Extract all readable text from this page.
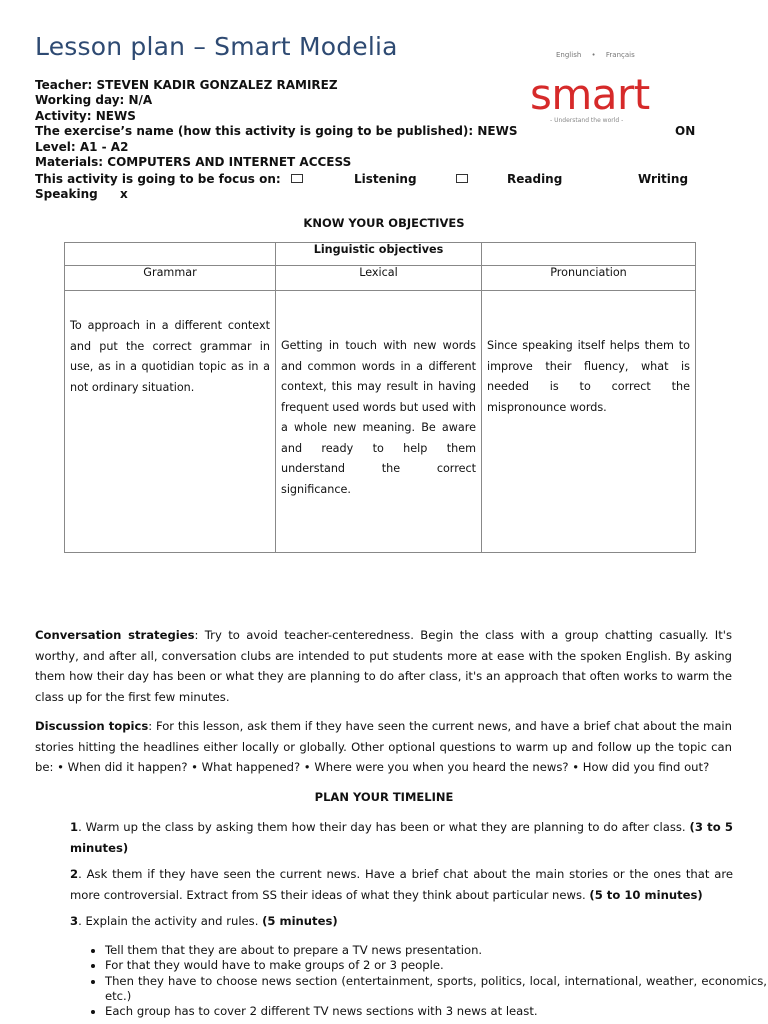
Lesson plan – Smart Modelia	English • Français
smart
- Understand the world -
Teacher: STEVEN KADIR GONZALEZ RAMIREZ
Working day: N/A
Activity: NEWS
The exercise’s name (how this activity is going to be published): NEWS
Level: A1 - A2
Materials: COMPUTERS AND INTERNET ACCESS
ON
This activity is going to be focus on:	Listening	Reading	Writing
Speaking x
KNOW YOUR OBJECTIVES
	Linguistic objectives	
Grammar	Lexical	Pronunciation
To approach in a different context and put the correct grammar in use, as in a quotidian topic as in a not ordinary situation.	Getting in touch with new words and common words in a different context, this may result in having frequent used words but used with a whole new meaning. Be aware and ready to help them understand the correct significance.	Since speaking itself helps them to improve their fluency, what is needed is to correct the mispronounce words.
Conversation strategies: Try to avoid teacher-centeredness. Begin the class with a group chatting casually. It's worthy, and after all, conversation clubs are intended to put students more at ease with the spoken English. By asking them how their day has been or what they are planning to do after class, it's an approach that often works to warm the class up for the first few minutes.
Discussion topics: For this lesson, ask them if they have seen the current news, and have a brief chat about the main stories hitting the headlines either locally or globally. Other optional questions to warm up and follow up the topic can be: • When did it happen? • What happened? • Where were you when you heard the news? • How did you find out?
PLAN YOUR TIMELINE
1. Warm up the class by asking them how their day has been or what they are planning to do after class. (3 to 5 minutes)
2. Ask them if they have seen the current news. Have a brief chat about the main stories or the ones that are more controversial. Extract from SS their ideas of what they think about particular news. (5 to 10 minutes)
3. Explain the activity and rules. (5 minutes)
• Tell them that they are about to prepare a TV news presentation.
• For that they would have to make groups of 2 or 3 people.
• Then they have to choose news section (entertainment, sports, politics, local, international, weather, economics, etc.)
• Each group has to cover 2 different TV news sections with 3 news at least.
